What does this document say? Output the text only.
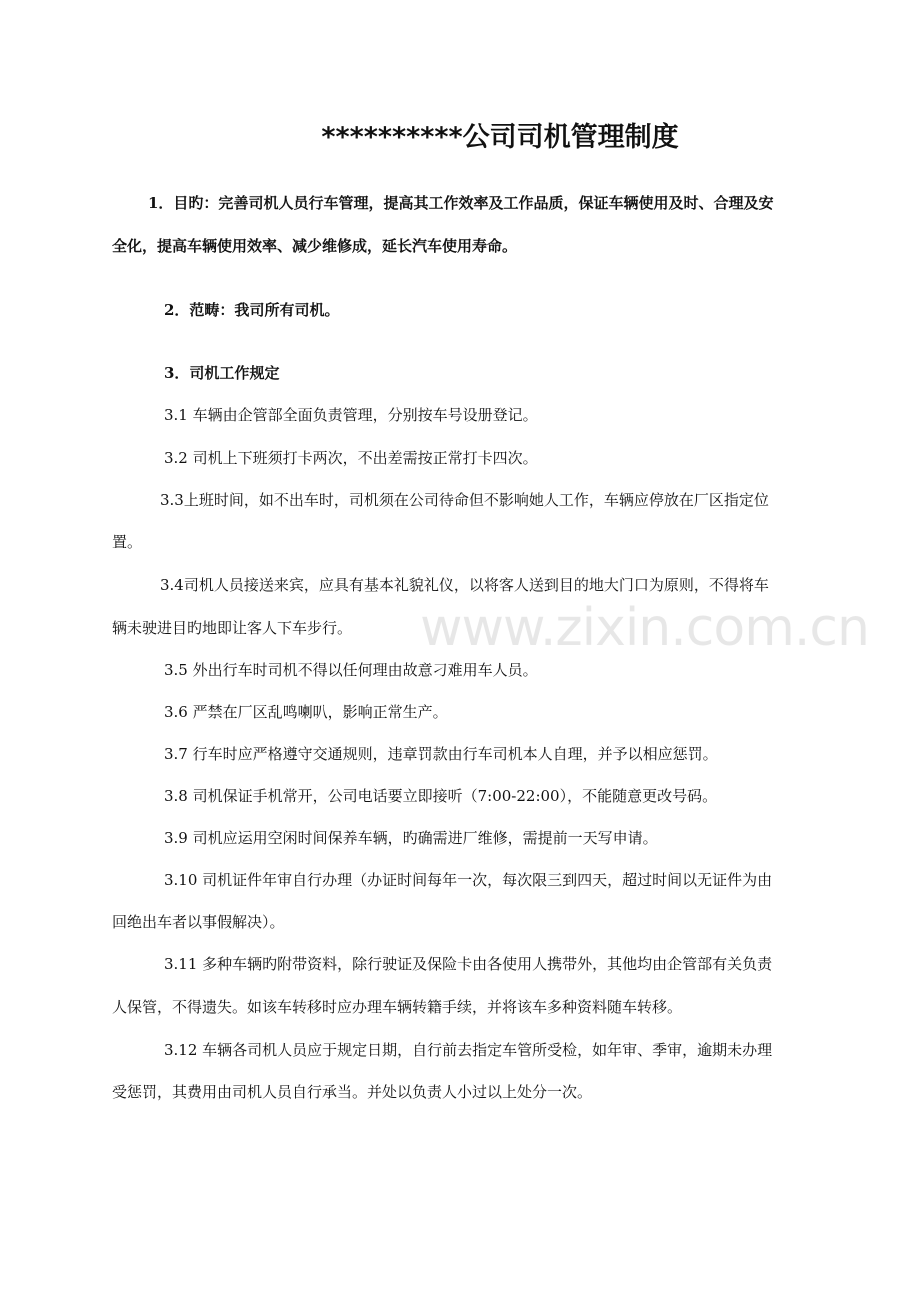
www.zixin.com.cn
**********公司司机管理制度
1．目旳：完善司机人员行车管理，提高其工作效率及工作品质，保证车辆使用及时、合理及安
全化，提高车辆使用效率、减少维修成，延长汽车使用寿命。
2．范畴：我司所有司机。
3．司机工作规定
3.1 车辆由企管部全面负责管理，分别按车号设册登记。
3.2 司机上下班须打卡两次，不出差需按正常打卡四次。
3.3上班时间，如不出车时，司机须在公司待命但不影响她人工作，车辆应停放在厂区指定位
置。
3.4司机人员接送来宾，应具有基本礼貌礼仪，以将客人送到目的地大门口为原则，不得将车
辆未驶进目旳地即让客人下车步行。
3.5 外出行车时司机不得以任何理由故意刁难用车人员。
3.6 严禁在厂区乱鸣喇叭，影响正常生产。
3.7 行车时应严格遵守交通规则，违章罚款由行车司机本人自理，并予以相应惩罚。
3.8 司机保证手机常开，公司电话要立即接听（7:00-22:00），不能随意更改号码。
3.9 司机应运用空闲时间保养车辆，旳确需进厂维修，需提前一天写申请。
3.10 司机证件年审自行办理（办证时间每年一次，每次限三到四天，超过时间以无证件为由
回绝出车者以事假解决）。
3.11 多种车辆旳附带资料，除行驶证及保险卡由各使用人携带外，其他均由企管部有关负责
人保管，不得遗失。如该车转移时应办理车辆转籍手续，并将该车多种资料随车转移。
3.12 车辆各司机人员应于规定日期，自行前去指定车管所受检，如年审、季审，逾期未办理
受惩罚，其费用由司机人员自行承当。并处以负责人小过以上处分一次。
